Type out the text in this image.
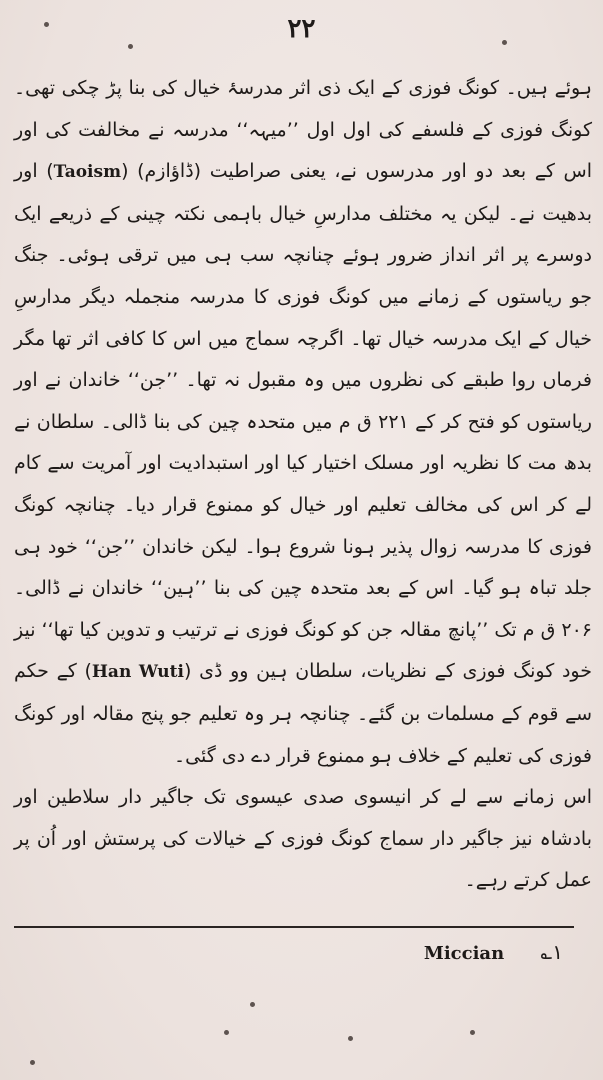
۲۲

ہوئے ہیں۔ کونگ فوزی کے ایک ذی اثر مدرسۂ خیال کی بنا پڑ چکی تھی۔ کونگ فوزی کے فلسفے کی اول اول ’’میہہ‘‘ مدرسہ نے مخالفت کی اور اس کے بعد دو اور مدرسوں نے، یعنی صراطیت (ڈاؤازم) (Taoism) اور بدھیت نے۔ لیکن یہ مختلف مدارسِ خیال باہمی نکتہ چینی کے ذریعے ایک دوسرے پر اثر انداز ضرور ہوئے چنانچہ سب ہی میں ترقی ہوئی۔ جنگ جو ریاستوں کے زمانے میں کونگ فوزی کا مدرسہ منجملہ دیگر مدارسِ خیال کے ایک مدرسہ خیال تھا۔ اگرچہ سماج میں اس کا کافی اثر تھا مگر فرماں روا طبقے کی نظروں میں وہ مقبول نہ تھا۔ ’’جن‘‘ خاندان نے اور ریاستوں کو فتح کر کے ۲۲۱ ق م میں متحدہ چین کی بنا ڈالی۔ سلطان نے بدھ مت کا نظریہ اور مسلک اختیار کیا اور استبدادیت اور آمریت سے کام لے کر اس کی مخالف تعلیم اور خیال کو ممنوع قرار دیا۔ چنانچہ کونگ فوزی کا مدرسہ زوال پذیر ہونا شروع ہوا۔ لیکن خاندان ’’جن‘‘ خود ہی جلد تباہ ہو گیا۔ اس کے بعد متحدہ چین کی بنا ’’ہین‘‘ خاندان نے ڈالی۔ ۲۰۶ ق م تک ’’پانچ مقالہ جن کو کونگ فوزی نے ترتیب و تدوین کیا تھا‘‘ نیز خود کونگ فوزی کے نظریات، سلطان ہین وو ڈی (Han Wuti) کے حکم سے قوم کے مسلمات بن گئے۔ چنانچہ ہر وہ تعلیم جو پنج مقالہ اور کونگ فوزی کی تعلیم کے خلاف ہو ممنوع قرار دے دی گئی۔

اس زمانے سے لے کر انیسوی صدی عیسوی تک جاگیر دار سلاطین اور بادشاہ نیز جاگیر دار سماج کونگ فوزی کے خیالات کی پرستش اور اُن پر عمل کرتے رہے۔

۱؎ Miccian
